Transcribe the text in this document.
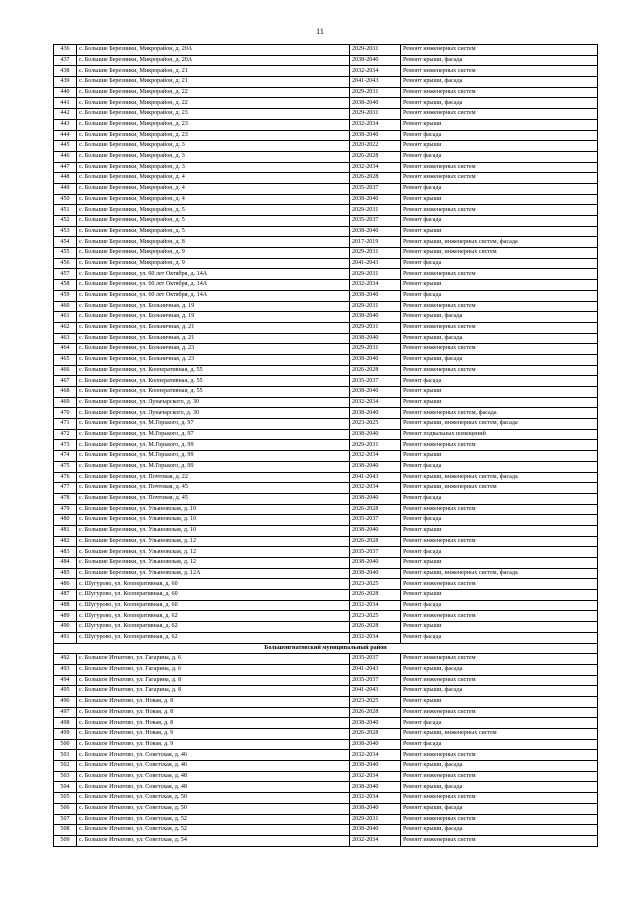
11
436	с. Большие Березники, Микрорайон, д. 20А	2029-2031	Ремонт инженерных систем
437	с. Большие Березники, Микрорайон, д. 20А	2038-2040	Ремонт крыши, фасада
438	с. Большие Березники, Микрорайон, д. 21	2032-2034	Ремонт инженерных систем
439	с. Большие Березники, Микрорайон, д. 21	2041-2043	Ремонт крыши, фасада
440	с. Большие Березники, Микрорайон, д. 22	2029-2031	Ремонт инженерных систем
441	с. Большие Березники, Микрорайон, д. 22	2038-2040	Ремонт крыши, фасада
442	с. Большие Березники, Микрорайон, д. 23	2029-2031	Ремонт инженерных систем
443	с. Большие Березники, Микрорайон, д. 23	2032-2034	Ремонт крыши
444	с. Большие Березники, Микрорайон, д. 23	2038-2040	Ремонт фасада
445	с. Большие Березники, Микрорайон, д. 3	2020-2022	Ремонт крыши
446	с. Большие Березники, Микрорайон, д. 3	2026-2028	Ремонт фасада
447	с. Большие Березники, Микрорайон, д. 3	2032-2034	Ремонт инженерных систем
448	с. Большие Березники, Микрорайон, д. 4	2026-2028	Ремонт инженерных систем
449	с. Большие Березники, Микрорайон, д. 4	2035-2037	Ремонт фасада
450	с. Большие Березники, Микрорайон, д. 4	2038-2040	Ремонт крыши
451	с. Большие Березники, Микрорайон, д. 5	2029-2031	Ремонт инженерных систем
452	с. Большие Березники, Микрорайон, д. 5	2035-2037	Ремонт фасада
453	с. Большие Березники, Микрорайон, д. 5	2038-2040	Ремонт крыши
454	с. Большие Березники, Микрорайон, д. 8	2017-2019	Ремонт крыши, инженерных систем, фасада
455	с. Большие Березники, Микрорайон, д. 9	2029-2031	Ремонт крыши, инженерных систем
456	с. Большие Березники, Микрорайон, д. 9	2041-2043	Ремонт фасада
457	с. Большие Березники, ул. 60 лет Октября, д. 14А	2029-2031	Ремонт инженерных систем
458	с. Большие Березники, ул. 60 лет Октября, д. 14А	2032-2034	Ремонт крыши
459	с. Большие Березники, ул. 60 лет Октября, д. 14А	2038-2040	Ремонт фасада
460	с. Большие Березники, ул. Больничная, д. 19	2029-2031	Ремонт инженерных систем
461	с. Большие Березники, ул. Больничная, д. 19	2038-2040	Ремонт крыши, фасада
462	с. Большие Березники, ул. Больничная, д. 21	2029-2031	Ремонт инженерных систем
463	с. Большие Березники, ул. Больничная, д. 21	2038-2040	Ремонт крыши, фасада
464	с. Большие Березники, ул. Больничная, д. 23	2029-2031	Ремонт инженерных систем
465	с. Большие Березники, ул. Больничная, д. 23	2038-2040	Ремонт крыши, фасада
466	с. Большие Березники, ул. Кооперативная, д. 55	2026-2028	Ремонт инженерных систем
467	с. Большие Березники, ул. Кооперативная, д. 55	2035-2037	Ремонт фасада
468	с. Большие Березники, ул. Кооперативная, д. 55	2038-2040	Ремонт крыши
469	с. Большие Березники, ул. Луначарского, д. 30	2032-2034	Ремонт крыши
470	с. Большие Березники, ул. Луначарского, д. 30	2038-2040	Ремонт инженерных систем, фасада
471	с. Большие Березники, ул. М.Горького, д. 97	2023-2025	Ремонт крыши, инженерных систем, фасада
472	с. Большие Березники, ул. М.Горького, д. 97	2038-2040	Ремонт подвальных помещений
473	с. Большие Березники, ул. М.Горького, д. 99	2029-2031	Ремонт инженерных систем
474	с. Большие Березники, ул. М.Горького, д. 99	2032-2034	Ремонт крыши
475	с. Большие Березники, ул. М.Горького, д. 99	2038-2040	Ремонт фасада
476	с. Большие Березники, ул. Почтовая, д. 22	2041-2043	Ремонт крыши, инженерных систем, фасада
477	с. Большие Березники, ул. Почтовая, д. 45	2032-2034	Ремонт крыши, инженерных систем
478	с. Большие Березники, ул. Почтовая, д. 45	2038-2040	Ремонт фасада
479	с. Большие Березники, ул. Ульяновская, д. 10	2026-2028	Ремонт инженерных систем
480	с. Большие Березники, ул. Ульяновская, д. 10	2035-2037	Ремонт фасада
481	с. Большие Березники, ул. Ульяновская, д. 10	2038-2040	Ремонт крыши
482	с. Большие Березники, ул. Ульяновская, д. 12	2026-2028	Ремонт инженерных систем
483	с. Большие Березники, ул. Ульяновская, д. 12	2035-2037	Ремонт фасада
484	с. Большие Березники, ул. Ульяновская, д. 12	2038-2040	Ремонт крыши
485	с. Большие Березники, ул. Ульяновская, д. 12А	2038-2040	Ремонт крыши, инженерных систем, фасада
486	с. Шугурово, ул. Кооперативная, д. 60	2023-2025	Ремонт инженерных систем
487	с. Шугурово, ул. Кооперативная, д. 60	2026-2028	Ремонт крыши
488	с. Шугурово, ул. Кооперативная, д. 60	2032-2034	Ремонт фасада
489	с. Шугурово, ул. Кооперативная, д. 62	2023-2025	Ремонт инженерных систем
490	с. Шугурово, ул. Кооперативная, д. 62	2026-2028	Ремонт крыши
491	с. Шугурово, ул. Кооперативная, д. 62	2032-2034	Ремонт фасада
Большеигнатовский муниципальный район			
492	с. Большое Игнатово, ул. Гагарина, д. 6	2035-2037	Ремонт инженерных систем
493	с. Большое Игнатово, ул. Гагарина, д. 6	2041-2043	Ремонт крыши, фасада
494	с. Большое Игнатово, ул. Гагарина, д. 8	2035-2037	Ремонт инженерных систем
495	с. Большое Игнатово, ул. Гагарина, д. 8	2041-2043	Ремонт крыши, фасада
496	с. Большое Игнатово, ул. Новая, д. 8	2023-2025	Ремонт крыши
497	с. Большое Игнатово, ул. Новая, д. 8	2026-2028	Ремонт инженерных систем
498	с. Большое Игнатово, ул. Новая, д. 8	2038-2040	Ремонт фасада
499	с. Большое Игнатово, ул. Новая, д. 9	2026-2028	Ремонт крыши, инженерных систем
500	с. Большое Игнатово, ул. Новая, д. 9	2038-2040	Ремонт фасада
501	с. Большое Игнатово, ул. Советская, д. 46	2032-2034	Ремонт инженерных систем
502	с. Большое Игнатово, ул. Советская, д. 46	2038-2040	Ремонт крыши, фасада
503	с. Большое Игнатово, ул. Советская, д. 48	2032-2034	Ремонт инженерных систем
504	с. Большое Игнатово, ул. Советская, д. 48	2038-2040	Ремонт крыши, фасада
505	с. Большое Игнатово, ул. Советская, д. 50	2032-2034	Ремонт инженерных систем
506	с. Большое Игнатово, ул. Советская, д. 50	2038-2040	Ремонт крыши, фасада
507	с. Большое Игнатово, ул. Советская, д. 52	2029-2031	Ремонт инженерных систем
508	с. Большое Игнатово, ул. Советская, д. 52	2038-2040	Ремонт крыши, фасада
509	с. Большое Игнатово, ул. Советская, д. 54	2032-2034	Ремонт инженерных систем
